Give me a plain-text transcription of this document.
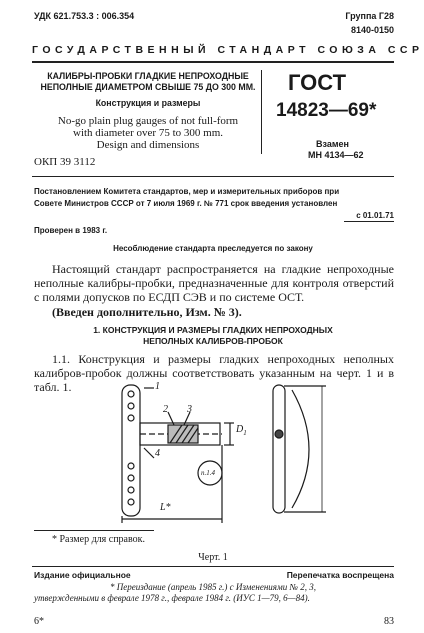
УДК 621.753.3 : 006.354	Группа Г28
8140-0150
ГОСУДАРСТВЕННЫЙ СТАНДАРТ СОЮЗА ССР
КАЛИБРЫ-ПРОБКИ ГЛАДКИЕ НЕПРОХОДНЫЕ
НЕПОЛНЫЕ ДИАМЕТРОМ СВЫШЕ 75 ДО 300 ММ.
Конструкция и размеры
No-go plain plug gauges of not full-form
with diameter over 75 to 300 mm.
Design and dimensions
ГОСТ
14823—69*
Взамен
МН 4134—62
ОКП 39 3112
Постановлением Комитета стандартов, мер и измерительных приборов при
Совете Министров СССР от 7 июля 1969 г. № 771 срок введения установлен
с 01.01.71
Проверен в 1983 г.
Несоблюдение стандарта преследуется по закону
Настоящий стандарт распространяется на гладкие непроходные неполные калибры-пробки, предназначенные для контроля отверстий с полями допусков по ЕСДП СЭВ и по системе ОСТ.
(Введен дополнительно, Изм. № 3).
1. КОНСТРУКЦИЯ И РАЗМЕРЫ ГЛАДКИХ НЕПРОХОДНЫХ
НЕПОЛНЫХ КАЛИБРОВ-ПРОБОК
1.1. Конструкция и размеры гладких непроходных неполных калибров-пробок должны соответствовать указанным на черт. 1 и в табл. 1.	1
2 3
4
$D_1$
п.1.4
L*
* Размер для справок.
Черт. 1
Издание официальное	Перепечатка воспрещена
* Переиздание (апрель 1985 г.) с Изменениями № 2, 3,
утвержденными в феврале 1978 г., феврале 1984 г. (ИУС 1—79, 6—84).
6*	83
